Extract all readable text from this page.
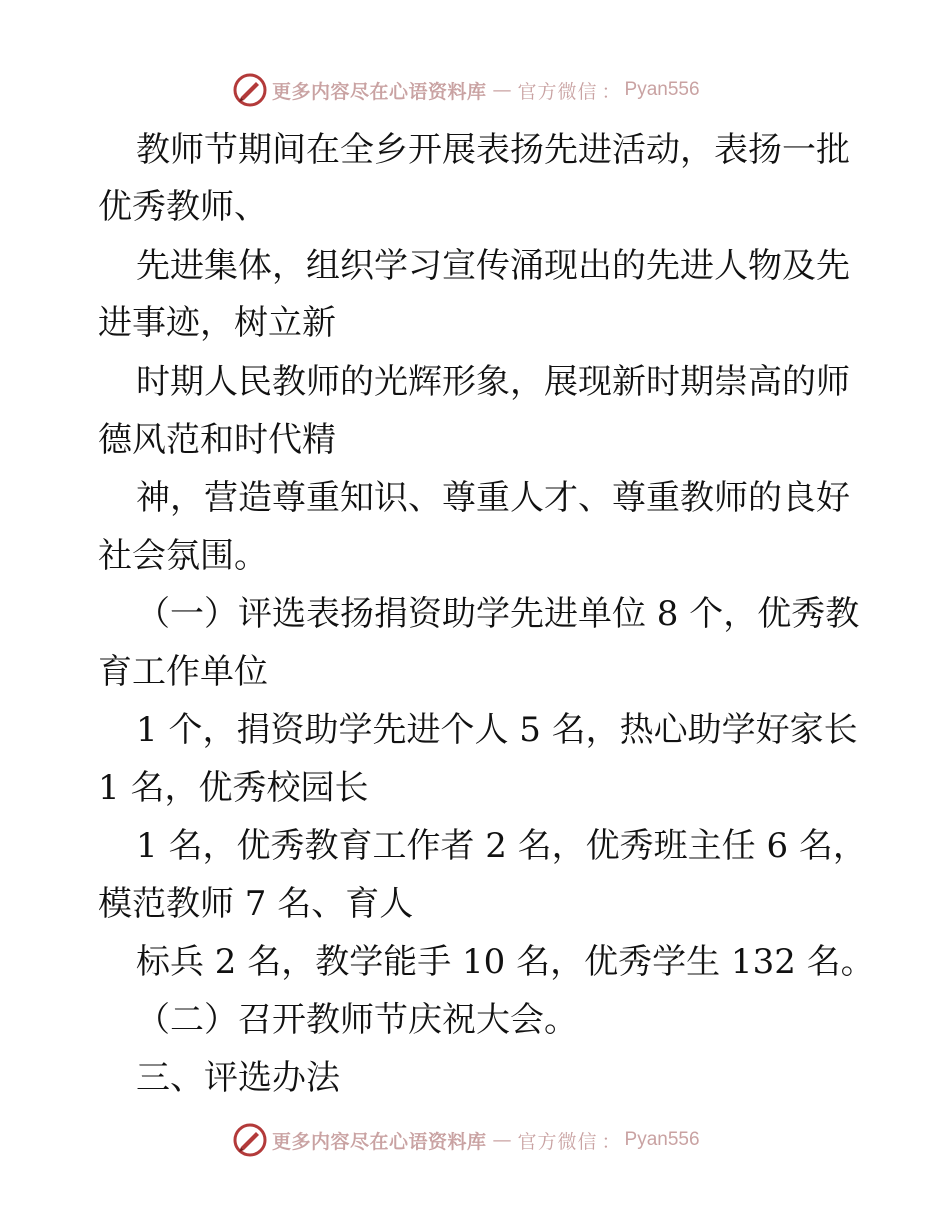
更多内容尽在心语资料库 — 官方微信 ： Pyan556
教师节期间在全乡开展表扬先进活动，表扬一批
优秀教师、
先进集体，组织学习宣传涌现出的先进人物及先
进事迹，树立新
时期人民教师的光辉形象，展现新时期崇高的师
德风范和时代精
神，营造尊重知识、尊重人才、尊重教师的良好
社会氛围。
（一）评选表扬捐资助学先进单位 8 个，优秀教
育工作单位
1 个，捐资助学先进个人 5 名，热心助学好家长
1 名，优秀校园长
1 名，优秀教育工作者 2 名，优秀班主任 6 名，
模范教师 7 名、育人
标兵 2 名，教学能手 10 名，优秀学生 132 名。
（二）召开教师节庆祝大会。
三、评选办法
更多内容尽在心语资料库 — 官方微信 ： Pyan556
